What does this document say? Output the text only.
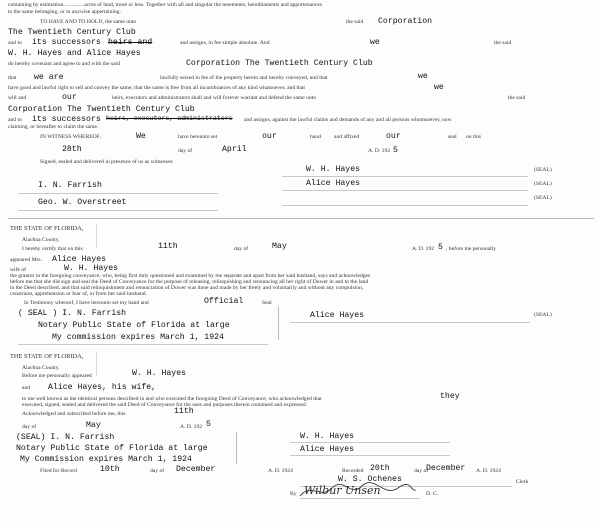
containing by estimation...............acres of land, more or less. Together with all and singular the tenements, hereditaments and appurtenances
to the same belonging, or in anywise appertaining.
TO HAVE AND TO HOLD, the same unto	the said Corporation
The Twentieth Century Club
and to its successors heirs and	and assigns, in fee simple absolute. And	we	the said
W. H. Hayes and Alice Hayes
do hereby covenant and agree to and with the said	Corporation The Twentieth Century Club
that we are	lawfully seized in fee of the property herein and hereby conveyed, and that	we
have good and lawful right to sell and convey the same; that the same is free from all incumbrances of any kind whatsoever, and that	we
will and	our	heirs, executors and administrators shall and will forever warrant and defend the same unto	the said
Corporation The Twentieth Century Club
and to its successors heirs, executors, administrators and assigns, against the lawful claims and demands of any and all persons whomsoever, now
claiming, or hereafter to claim the same.
IN WITNESS WHEREOF,	We	have hereunto set	our	hand and affixed	our	seal on this
28th	day of	April	A. D. 192 5
Signed, sealed and delivered in presence of us as witnesses:
W. H. Hayes	(SEAL)
I. N. Farrish	Alice Hayes	(SEAL)
Geo. W. Overstreet	(SEAL)
THE STATE OF FLORIDA,
Alachua County.
I hereby certify that on this	11th	day of	May	A. D. 192 5 , before me personally
appeared Mrs. Alice Hayes
wife of	W. H. Hayes
the grantor in the foregoing conveyance, who, being first duly questioned and examined by me separate and apart from her said husband, says and acknowledges
before me that she did sign and seal the Deed of Conveyance for the purpose of releasing, relinquishing and renouncing all her right of Dower in and to the land
in the Deed described, and that said relinquishment and renunciation of Dower was done and made by her freely and voluntarily and without any compulsion,
constraint, apprehension or fear of, or from her said husband.
In Testimony whereof, I have hereunto set my hand and	Official	Seal
( SEAL ) I. N. Farrish
Notary Public State of Florida at large
My commission expires March 1, 1924
Alice Hayes	(SEAL)
THE STATE OF FLORIDA,
Alachua County.
Before me personally appeared	W. H. Hayes
and Alice Hayes, his wife,
to me well known as the identical persons described in and who executed the foregoing Deed of Conveyance, who acknowledged that	they
executed, signed, sealed and delivered the said Deed of Conveyance for the uses and purposes therein contained and expressed.
Acknowledged and subscribed before me, this	11th
day of	May	A. D. 192 5
(SEAL) I. N. Farrish
Notary Public State of Florida at large
My Commission expires March 1, 1924
W. H. Hayes
Alice Hayes
Filed for Record	10th	day of December	A. D. 1924	Recorded 20th	day of
December A. D. 1924
W. S. Ochenes	Clerk
By Wilbur Unsen	D. C.
